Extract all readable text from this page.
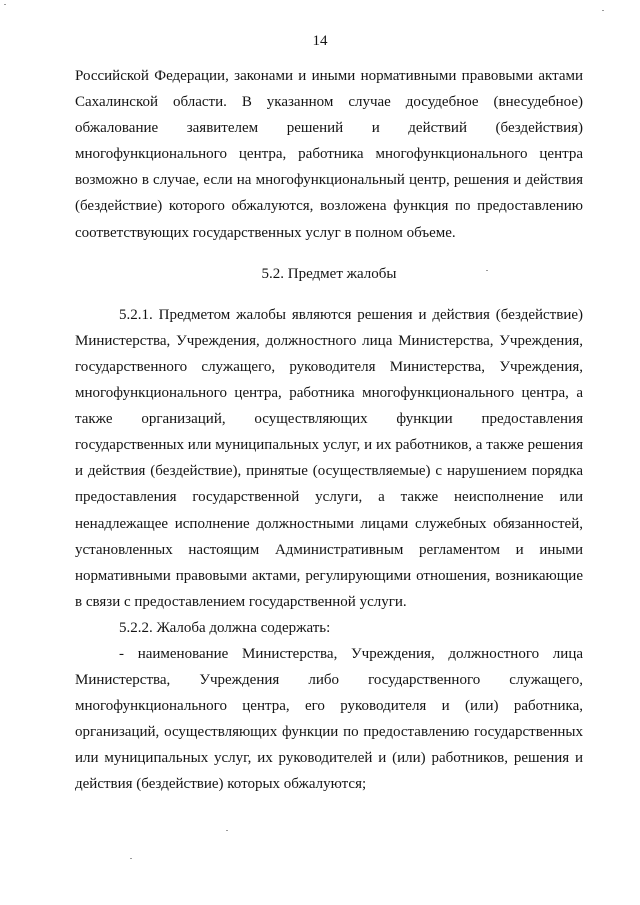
14

Российской Федерации, законами и иными нормативными правовыми актами Сахалинской области. В указанном случае досудебное (внесудебное) обжалование заявителем решений и действий (бездействия) многофункционального центра, работника многофункционального центра возможно в случае, если на многофункциональный центр, решения и действия (бездействие) которого обжалуются, возложена функция по предоставлению соответствующих государственных услуг в полном объеме.

5.2. Предмет жалобы

5.2.1. Предметом жалобы являются решения и действия (бездействие) Министерства, Учреждения, должностного лица Министерства, Учреждения, государственного служащего, руководителя Министерства, Учреждения, многофункционального центра, работника многофункционального центра, а также организаций, осуществляющих функции предоставления государственных или муниципальных услуг, и их работников, а также решения и действия (бездействие), принятые (осуществляемые) с нарушением порядка предоставления государственной услуги, а также неисполнение или ненадлежащее исполнение должностными лицами служебных обязанностей, установленных настоящим Административным регламентом и иными нормативными правовыми актами, регулирующими отношения, возникающие в связи с предоставлением государственной услуги.

5.2.2. Жалоба должна содержать:

- наименование Министерства, Учреждения, должностного лица Министерства, Учреждения либо государственного служащего, многофункционального центра, его руководителя и (или) работника, организаций, осуществляющих функции по предоставлению государственных или муниципальных услуг, их руководителей и (или) работников, решения и действия (бездействие) которых обжалуются;
